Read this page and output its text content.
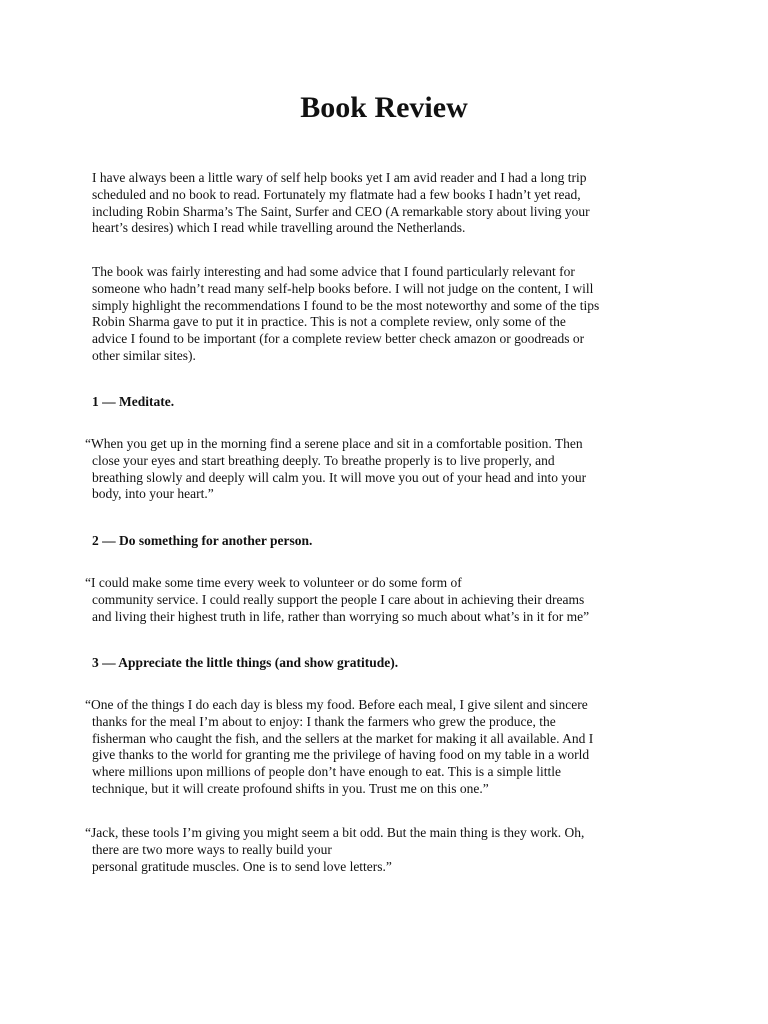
Book Review

I have always been a little wary of self help books yet I am avid reader and I had a long trip
scheduled and no book to read. Fortunately my flatmate had a few books I hadn’t yet read,
including Robin Sharma’s The Saint, Surfer and CEO (A remarkable story about living your
heart’s desires) which I read while travelling around the Netherlands.

The book was fairly interesting and had some advice that I found particularly relevant for
someone who hadn’t read many self-help books before. I will not judge on the content, I will
simply highlight the recommendations I found to be the most noteworthy and some of the tips
Robin Sharma gave to put it in practice. This is not a complete review, only some of the
advice I found to be important (for a complete review better check amazon or goodreads or
other similar sites).

1 — Meditate.

“When you get up in the morning find a serene place and sit in a comfortable position. Then
close your eyes and start breathing deeply. To breathe properly is to live properly, and
breathing slowly and deeply will calm you. It will move you out of your head and into your
body, into your heart.”

2 — Do something for another person.

“I could make some time every week to volunteer or do some form of
community service. I could really support the people I care about in achieving their dreams
and living their highest truth in life, rather than worrying so much about what’s in it for me”

3 — Appreciate the little things (and show gratitude).

“One of the things I do each day is bless my food. Before each meal, I give silent and sincere
thanks for the meal I’m about to enjoy: I thank the farmers who grew the produce, the
fisherman who caught the fish, and the sellers at the market for making it all available. And I
give thanks to the world for granting me the privilege of having food on my table in a world
where millions upon millions of people don’t have enough to eat. This is a simple little
technique, but it will create profound shifts in you. Trust me on this one.”

“Jack, these tools I’m giving you might seem a bit odd. But the main thing is they work. Oh,
there are two more ways to really build your
personal gratitude muscles. One is to send love letters.”
